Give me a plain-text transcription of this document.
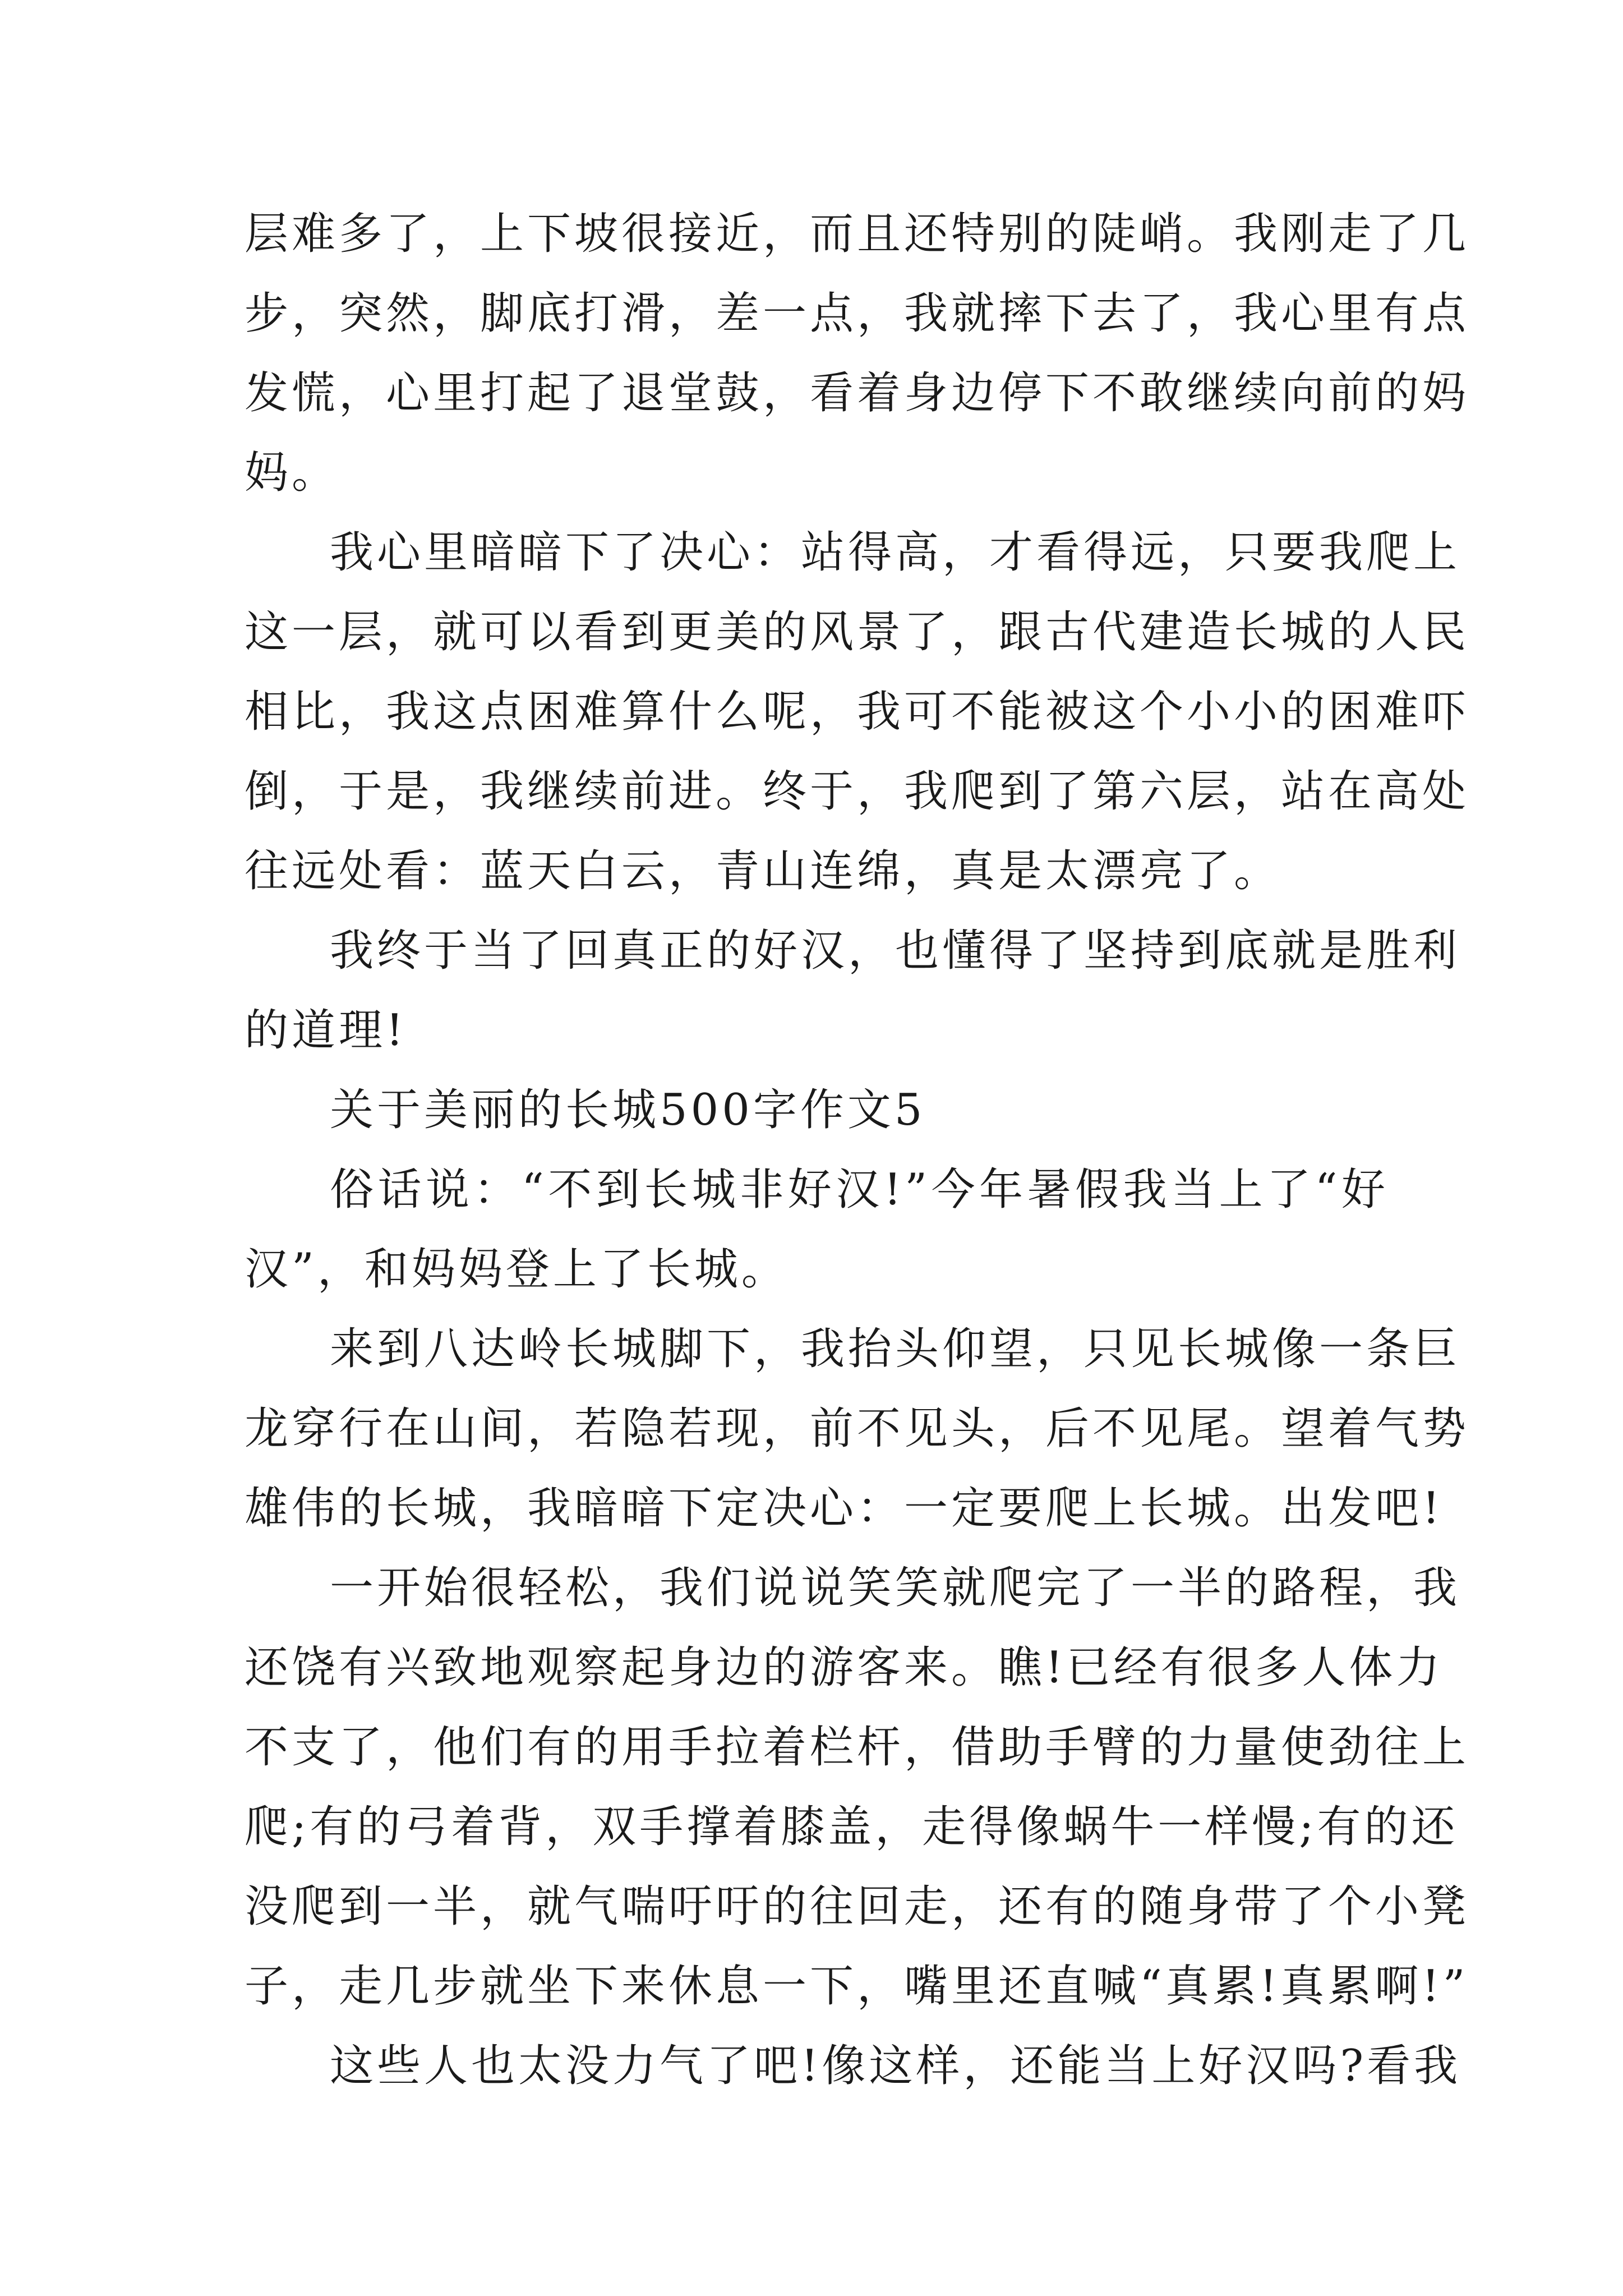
层难多了，上下坡很接近，而且还特别的陡峭。我刚走了几
步，突然，脚底打滑，差一点，我就摔下去了，我心里有点
发慌，心里打起了退堂鼓，看着身边停下不敢继续向前的妈
妈。
我心里暗暗下了决心：站得高，才看得远，只要我爬上
这一层，就可以看到更美的风景了，跟古代建造长城的人民
相比，我这点困难算什么呢，我可不能被这个小小的困难吓
倒，于是，我继续前进。终于，我爬到了第六层，站在高处
往远处看：蓝天白云，青山连绵，真是太漂亮了。
我终于当了回真正的好汉，也懂得了坚持到底就是胜利
的道理!
关于美丽的长城500字作文5
俗话说：“不到长城非好汉!”今年暑假我当上了“好
汉”，和妈妈登上了长城。
来到八达岭长城脚下，我抬头仰望，只见长城像一条巨
龙穿行在山间，若隐若现，前不见头，后不见尾。望着气势
雄伟的长城，我暗暗下定决心：一定要爬上长城。出发吧!
一开始很轻松，我们说说笑笑就爬完了一半的路程，我
还饶有兴致地观察起身边的游客来。瞧!已经有很多人体力
不支了，他们有的用手拉着栏杆，借助手臂的力量使劲往上
爬;有的弓着背，双手撑着膝盖，走得像蜗牛一样慢;有的还
没爬到一半，就气喘吁吁的往回走，还有的随身带了个小凳
子，走几步就坐下来休息一下，嘴里还直喊“真累!真累啊!”
这些人也太没力气了吧!像这样，还能当上好汉吗?看我
